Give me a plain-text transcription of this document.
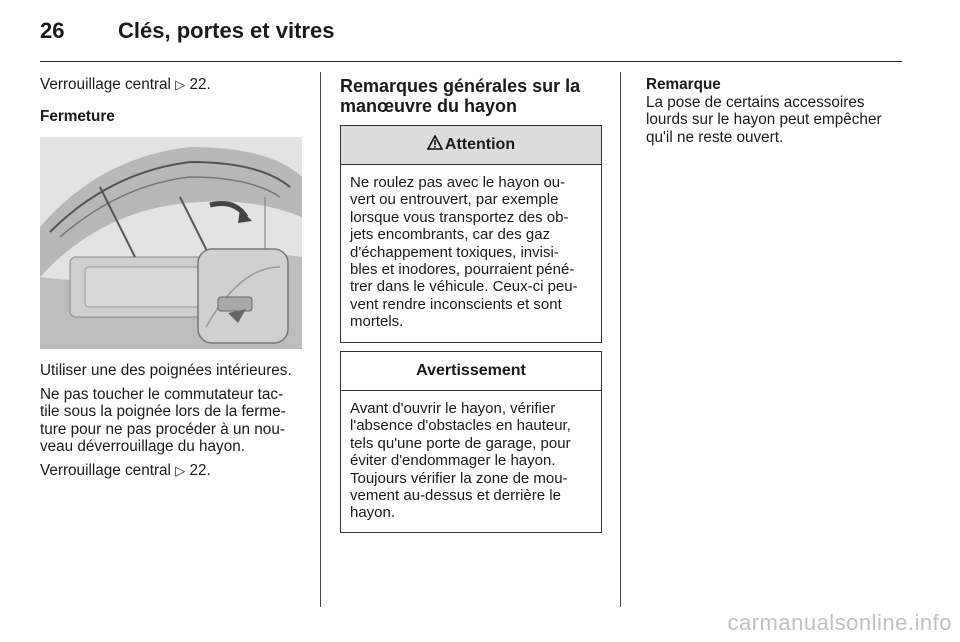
26 Clés, portes et vitres

Verrouillage central ▷ 22.

Fermeture

Utiliser une des poignées intérieures.

Ne pas toucher le commutateur tac-
tile sous la poignée lors de la ferme-
ture pour ne pas procéder à un nou-
veau déverrouillage du hayon.

Verrouillage central ▷ 22.

Remarques générales sur la
manœuvre du hayon
Attention
Ne roulez pas avec le hayon ou-
vert ou entrouvert, par exemple
lorsque vous transportez des ob-
jets encombrants, car des gaz
d'échappement toxiques, invisi-
bles et inodores, pourraient péné-
trer dans le véhicule. Ceux-ci peu-
vent rendre inconscients et sont
mortels.
Avertissement
Avant d'ouvrir le hayon, vérifier
l'absence d'obstacles en hauteur,
tels qu'une porte de garage, pour
éviter d'endommager le hayon.
Toujours vérifier la zone de mou-
vement au-dessus et derrière le
hayon.
Remarque
La pose de certains accessoires
lourds sur le hayon peut empêcher
qu'il ne reste ouvert.
carmanualsonline.info
